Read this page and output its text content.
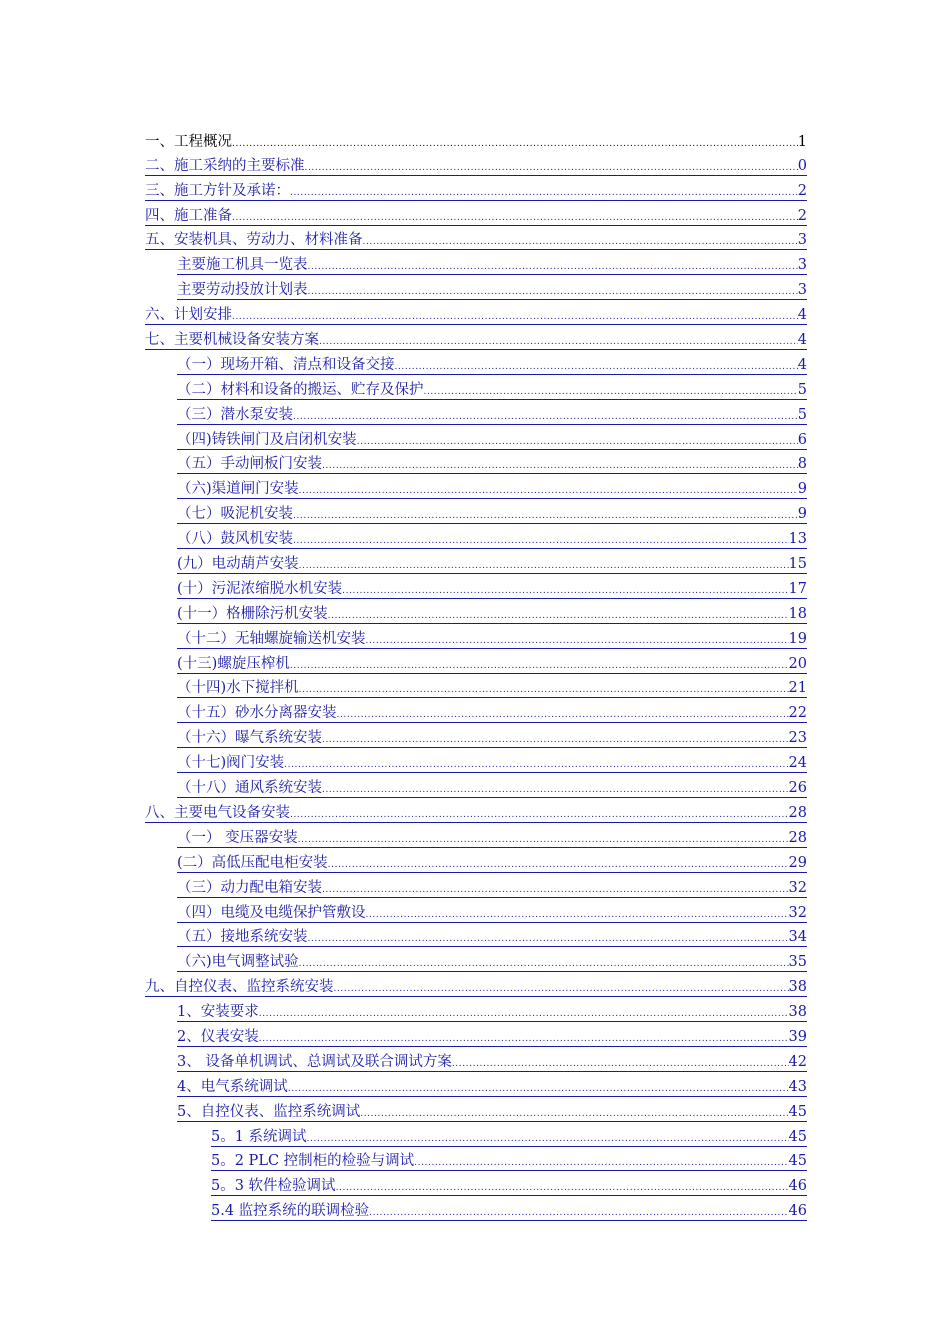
一、工程概况 .....	1
二、施工采纳的主要标准 .....	0
三、施工方针及承诺： .....	2
四、施工准备 .....	2
五、安装机具、劳动力、材料准备 .....	3
主要施工机具一览表 .....	3
主要劳动投放计划表 .....	3
六、计划安排 .....	4
七、主要机械设备安装方案 .....	4
（一）现场开箱、清点和设备交接 .....	4
（二）材料和设备的搬运、贮存及保护 .....	5
（三）潜水泵安装 .....	5
（四)铸铁闸门及启闭机安装 .....	6
（五）手动闸板门安装 .....	8
（六)渠道闸门安装 .....	9
（七）吸泥机安装 .....	9
（八）鼓风机安装 .....	13
(九）电动葫芦安装 .....	15
(十）污泥浓缩脱水机安装 .....	17
(十一）格栅除污机安装 .....	18
（十二）无轴螺旋输送机安装 .....	19
(十三)螺旋压榨机 .....	20
（十四)水下搅拌机 .....	21
（十五）砂水分离器安装 .....	22
（十六）曝气系统安装 .....	23
（十七)阀门安装 .....	24
（十八）通风系统安装 .....	26
八、主要电气设备安装 .....	28
（一） 变压器安装 .....	28
(二）高低压配电柜安装 .....	29
（三）动力配电箱安装 .....	32
（四）电缆及电缆保护管敷设 .....	32
（五）接地系统安装 .....	34
（六)电气调整试验 .....	35
九、自控仪表、监控系统安装 .....	38
1、安装要求 .....	38
2、仪表安装 .....	39
3、 设备单机调试、总调试及联合调试方案 .....	42
4、电气系统调试 .....	43
5、自控仪表、监控系统调试 .....	45
5。1 系统调试 .....	45
5。2 PLC 控制柜的检验与调试 .....	45
5。3 软件检验调试 .....	46
5.4 监控系统的联调检验 .....	46
